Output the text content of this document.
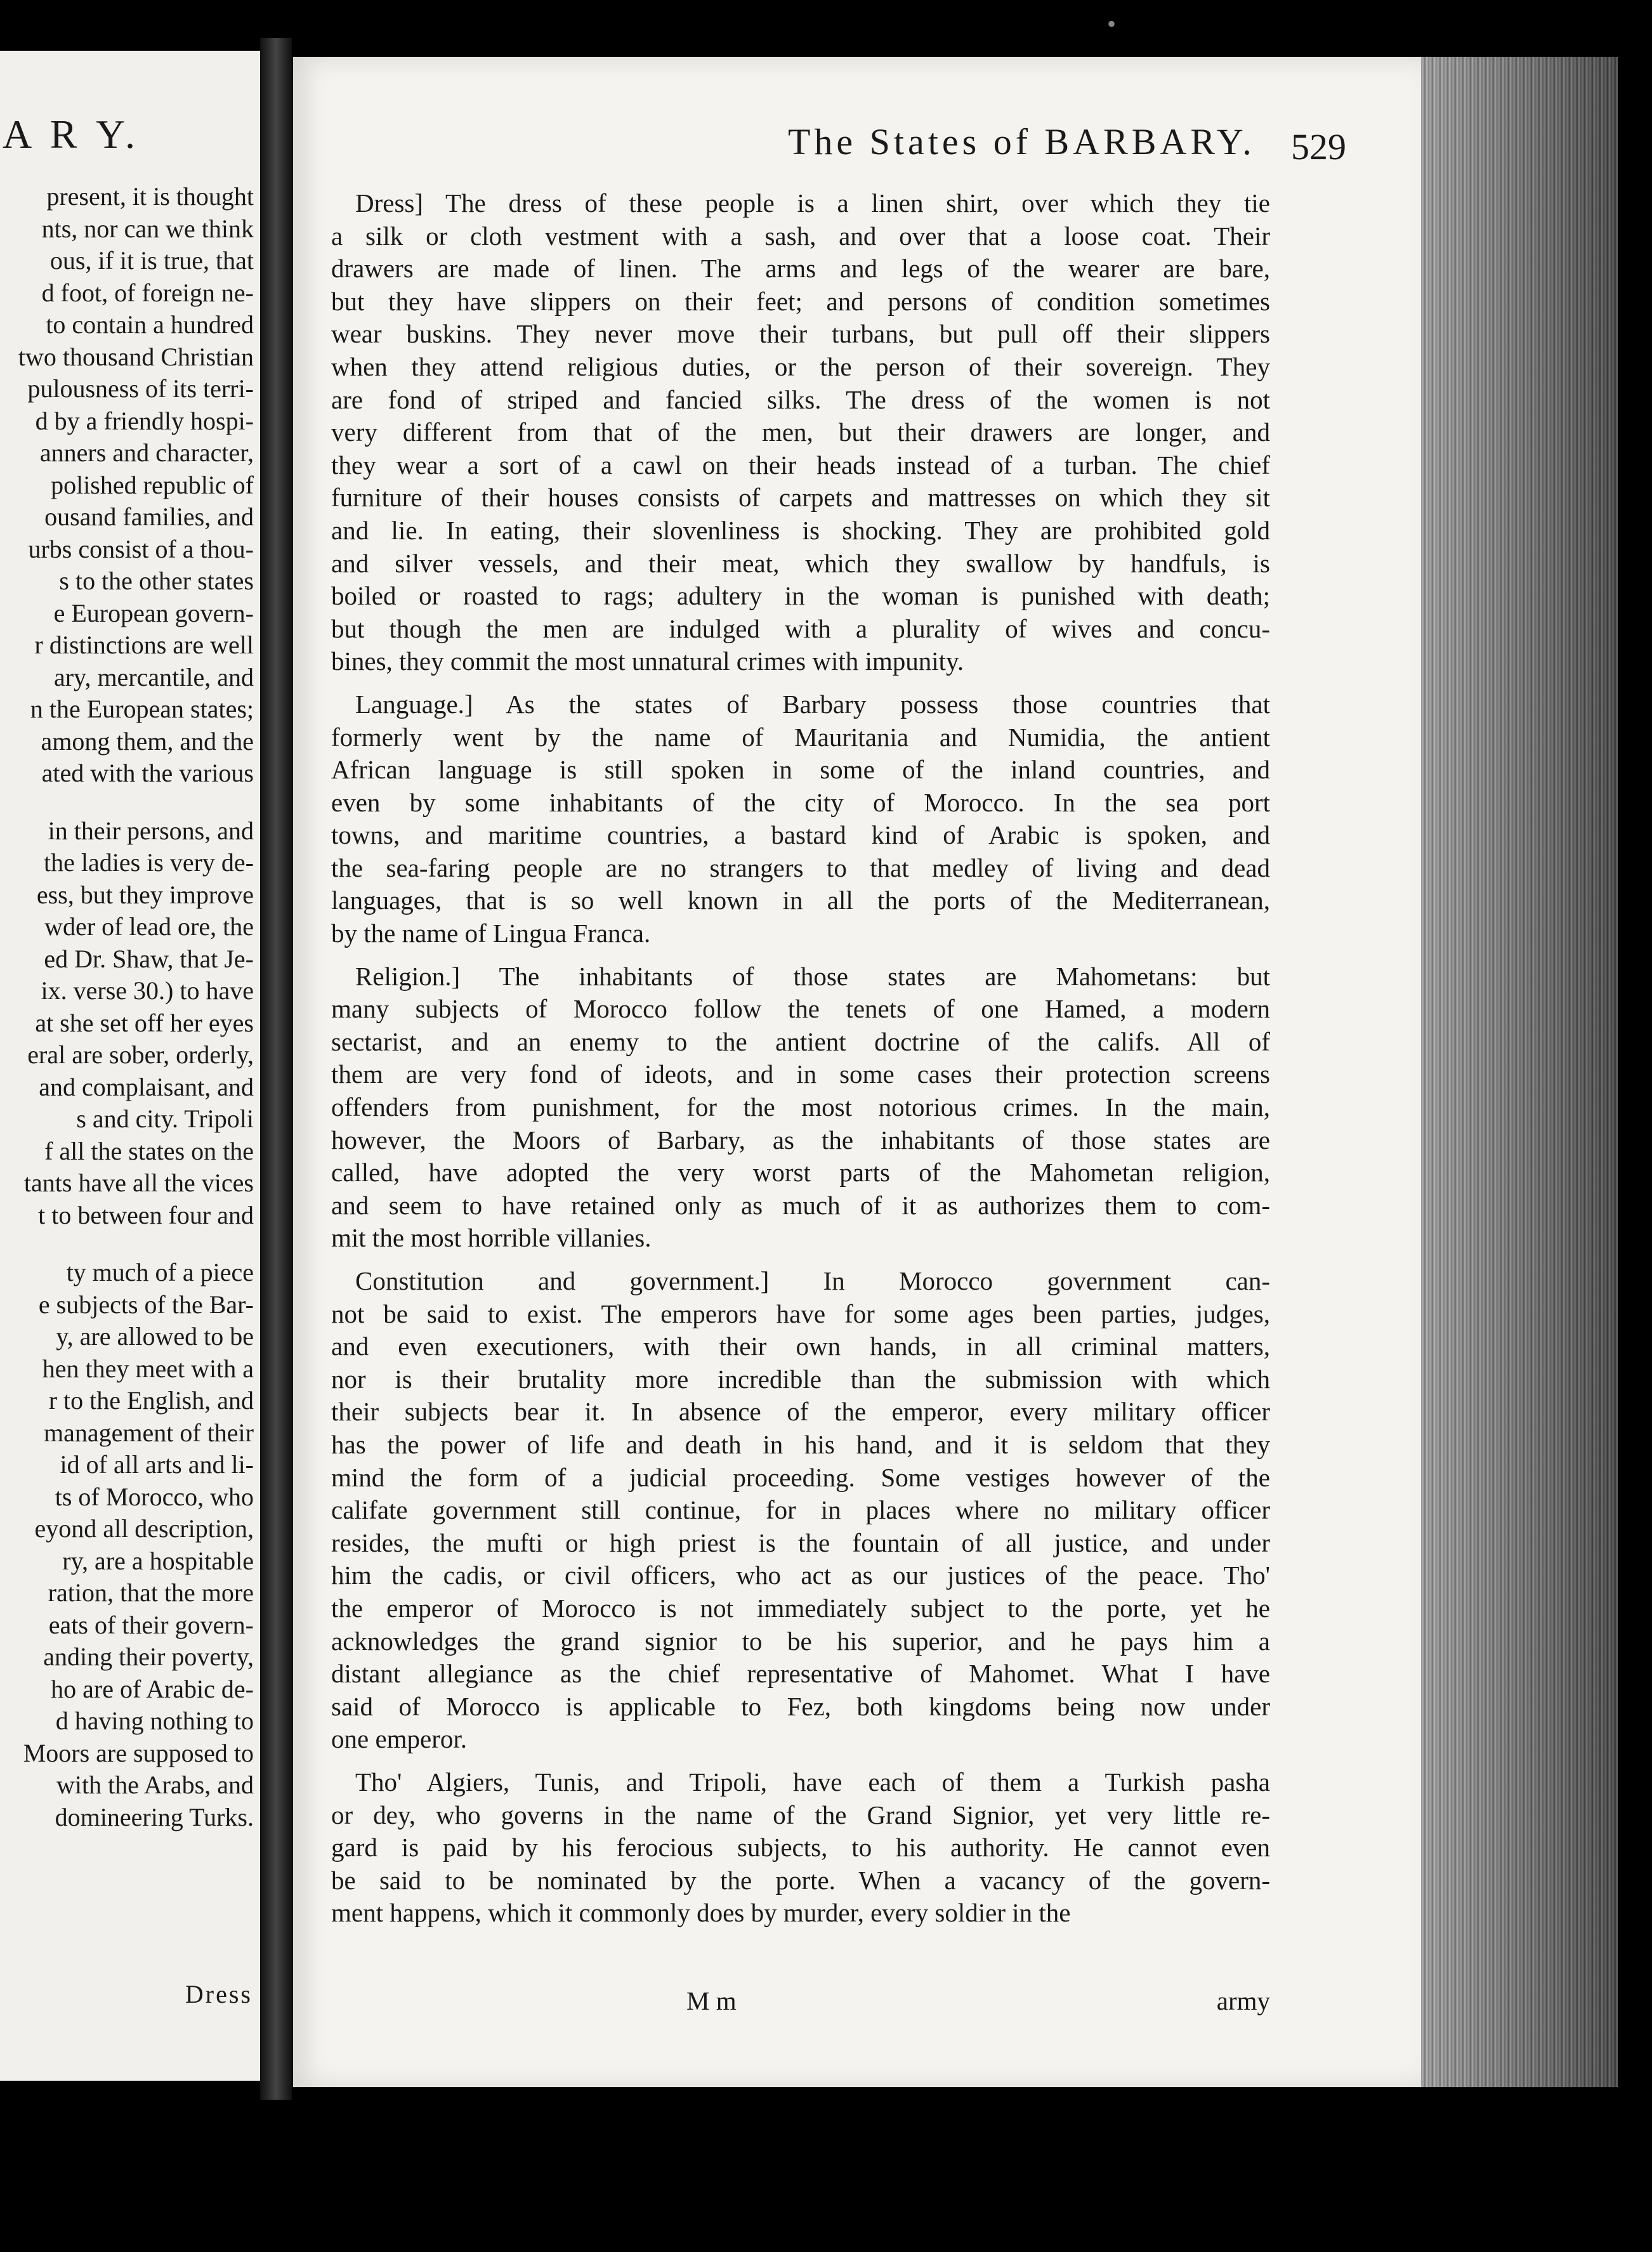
A R Y.
present, it is thought
nts, nor can we think
ous, if it is true, that
d foot, of foreign ne-
to contain a hundred
two thousand Christian
pulousness of its terri-
d by a friendly hospi-
anners and character,
polished republic of
ousand families, and
urbs consist of a thou-
s to the other states
e European govern-
r distinctions are well
ary, mercantile, and
n the European states;
among them, and the
ated with the various
in their persons, and
the ladies is very de-
ess, but they improve
wder of lead ore, the
ed Dr. Shaw, that Je-
ix. verse 30.) to have
at she set off her eyes
eral are sober, orderly,
and complaisant, and
s and city. Tripoli
f all the states on the
tants have all the vices
t to between four and
ty much of a piece
e subjects of the Bar-
y, are allowed to be
hen they meet with a
r to the English, and
management of their
id of all arts and li-
ts of Morocco, who
eyond all description,
ry, are a hospitable
ration, that the more
eats of their govern-
anding their poverty,
ho are of Arabic de-
d having nothing to
Moors are supposed to
with the Arabs, and
domineering Turks.
Dress
The States of BARBARY. 529
Dress] The dress of these people is a linen shirt, over which they tie
a silk or cloth vestment with a sash, and over that a loose coat. Their
drawers are made of linen. The arms and legs of the wearer are bare,
but they have slippers on their feet; and persons of condition sometimes
wear buskins. They never move their turbans, but pull off their slippers
when they attend religious duties, or the person of their sovereign. They
are fond of striped and fancied silks. The dress of the women is not
very different from that of the men, but their drawers are longer, and
they wear a sort of a cawl on their heads instead of a turban. The chief
furniture of their houses consists of carpets and mattresses on which they sit
and lie. In eating, their slovenliness is shocking. They are prohibited gold
and silver vessels, and their meat, which they swallow by handfuls, is
boiled or roasted to rags; adultery in the woman is punished with death;
but though the men are indulged with a plurality of wives and concu-
bines, they commit the most unnatural crimes with impunity.
Language.] As the states of Barbary possess those countries that
formerly went by the name of Mauritania and Numidia, the antient
African language is still spoken in some of the inland countries, and
even by some inhabitants of the city of Morocco. In the sea port
towns, and maritime countries, a bastard kind of Arabic is spoken, and
the sea-faring people are no strangers to that medley of living and dead
languages, that is so well known in all the ports of the Mediterranean,
by the name of Lingua Franca.
Religion.] The inhabitants of those states are Mahometans: but
many subjects of Morocco follow the tenets of one Hamed, a modern
sectarist, and an enemy to the antient doctrine of the califs. All of
them are very fond of ideots, and in some cases their protection screens
offenders from punishment, for the most notorious crimes. In the main,
however, the Moors of Barbary, as the inhabitants of those states are
called, have adopted the very worst parts of the Mahometan religion,
and seem to have retained only as much of it as authorizes them to com-
mit the most horrible villanies.
Constitution and government.] In Morocco government can-
not be said to exist. The emperors have for some ages been parties, judges,
and even executioners, with their own hands, in all criminal matters,
nor is their brutality more incredible than the submission with which
their subjects bear it. In absence of the emperor, every military officer
has the power of life and death in his hand, and it is seldom that they
mind the form of a judicial proceeding. Some vestiges however of the
califate government still continue, for in places where no military officer
resides, the mufti or high priest is the fountain of all justice, and under
him the cadis, or civil officers, who act as our justices of the peace. Tho'
the emperor of Morocco is not immediately subject to the porte, yet he
acknowledges the grand signior to be his superior, and he pays him a
distant allegiance as the chief representative of Mahomet. What I have
said of Morocco is applicable to Fez, both kingdoms being now under
one emperor.
Tho' Algiers, Tunis, and Tripoli, have each of them a Turkish pasha
or dey, who governs in the name of the Grand Signior, yet very little re-
gard is paid by his ferocious subjects, to his authority. He cannot even
be said to be nominated by the porte. When a vacancy of the govern-
ment happens, which it commonly does by murder, every soldier in the
M m	army
•
